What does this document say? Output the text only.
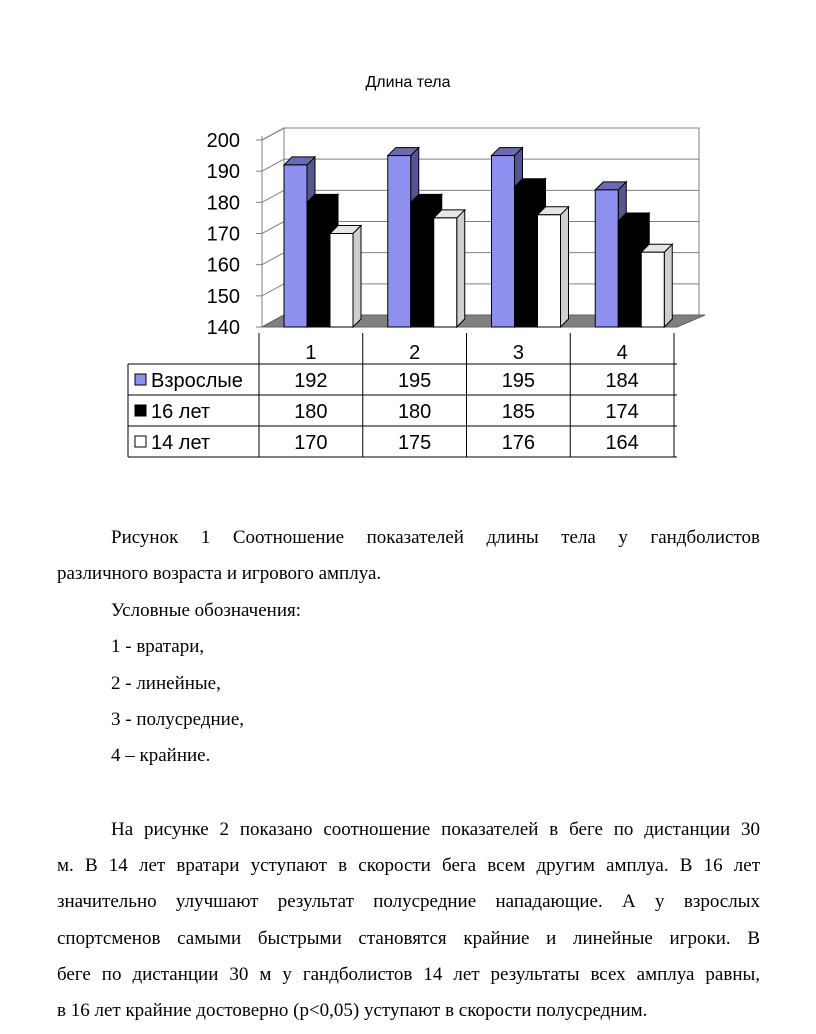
Длина тела
140
150
160
170
180
190
200
1	2	3	4
Взрослые	192	195	195	184
16 лет	180	180	185	174
14 лет	170	175	176	164
Рисунок 1 Соотношение показателей длины тела у гандболистов
различного возраста и игрового амплуа.
Условные обозначения:
1 - вратари,
2 - линейные,
3 - полусредние,
4 – крайние.
На рисунке 2 показано соотношение показателей в беге по дистанции 30
м. В 14 лет вратари уступают в скорости бега всем другим амплуа. В 16 лет
значительно улучшают результат полусредние нападающие. А у взрослых
спортсменов самыми быстрыми становятся крайние и линейные игроки. В
беге по дистанции 30 м у гандболистов 14 лет результаты всех амплуа равны,
в 16 лет крайние достоверно (р<0,05) уступают в скорости полусредним.
